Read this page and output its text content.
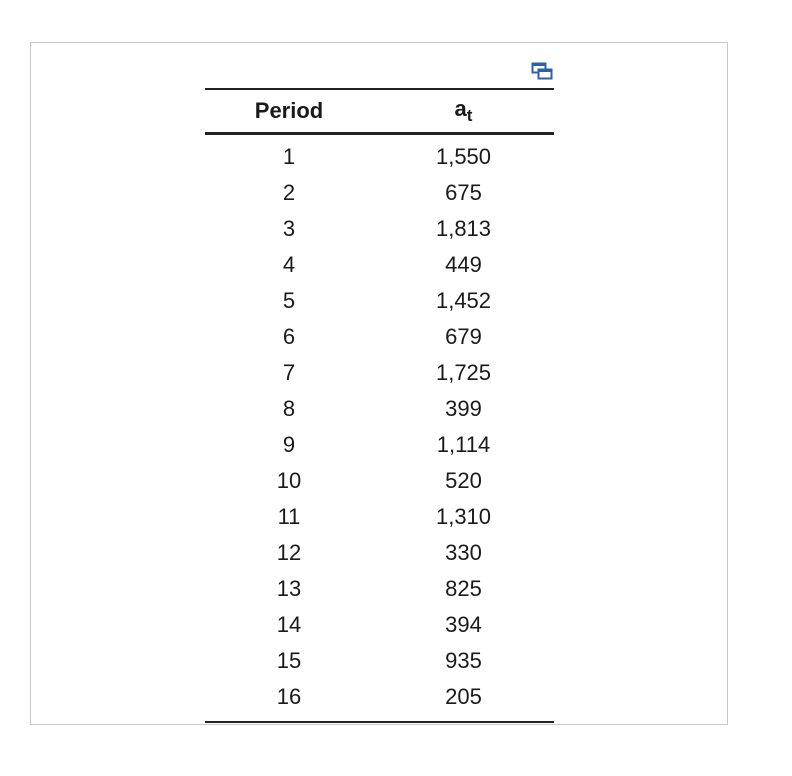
Period	$a_t$
1	1,550
2	675
3	1,813
4	449
5	1,452
6	679
7	1,725
8	399
9	1,114
10	520
11	1,310
12	330
13	825
14	394
15	935
16	205
